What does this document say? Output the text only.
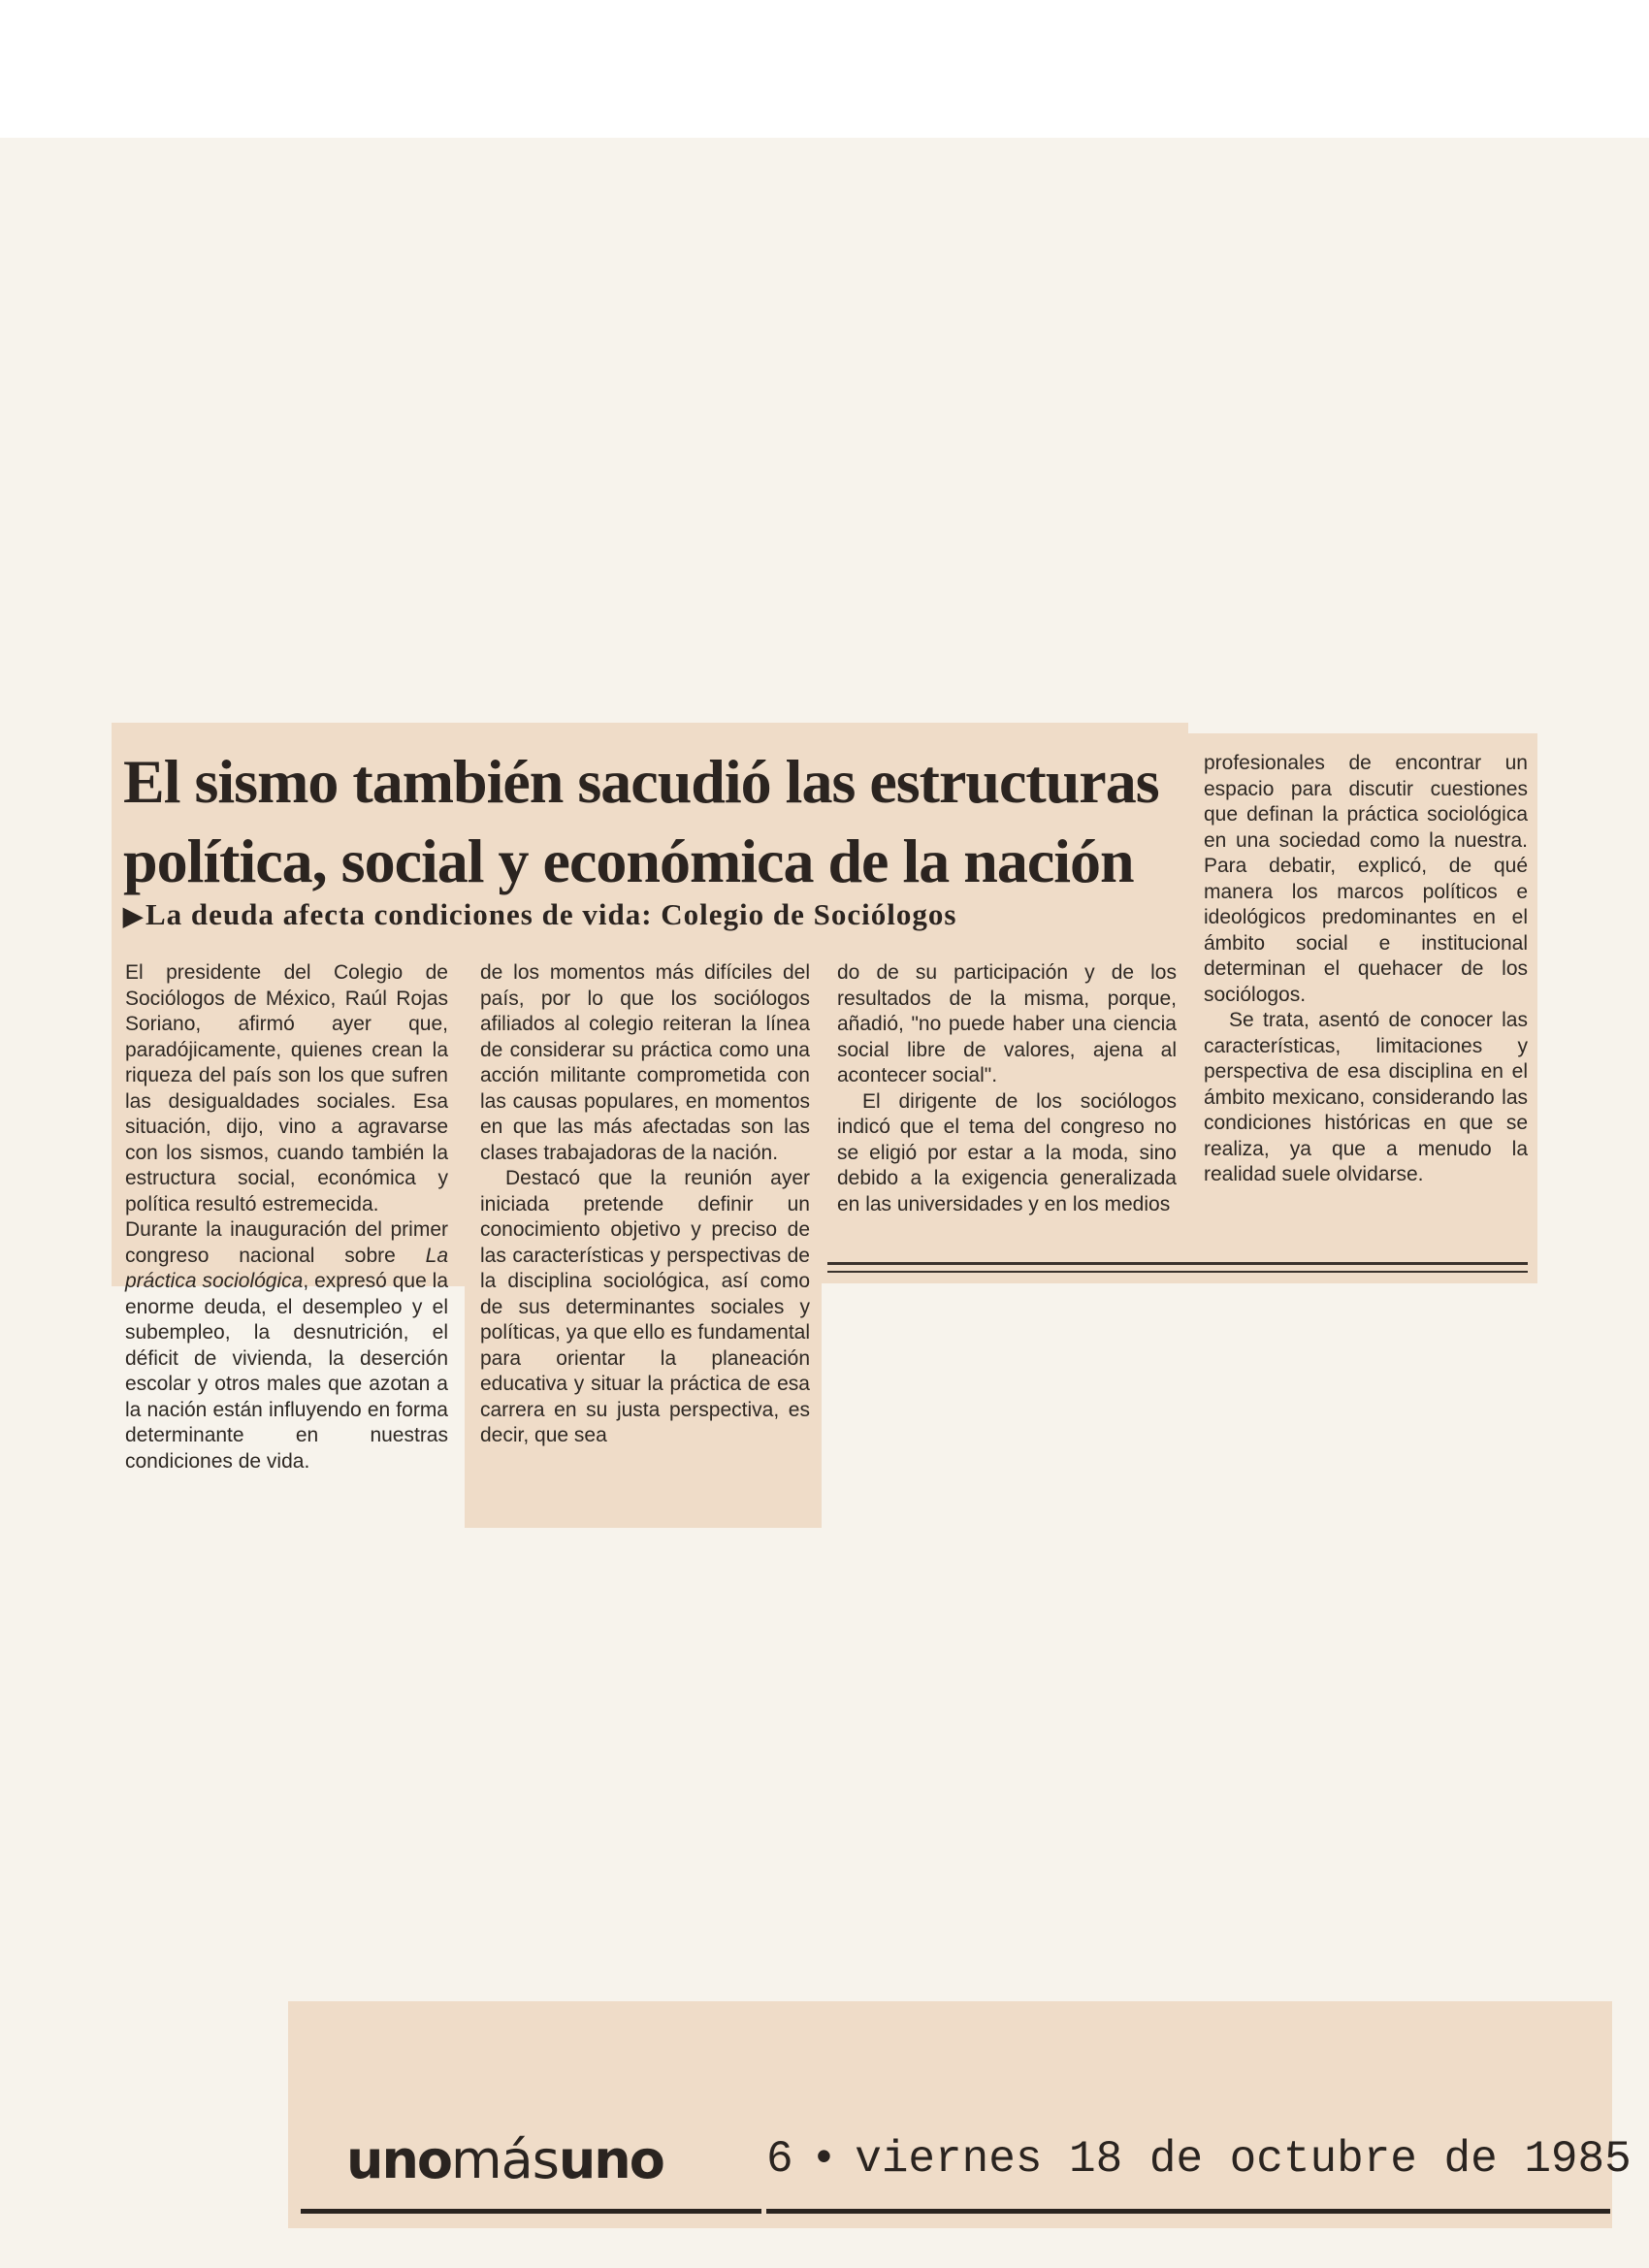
El sismo también sacudió las estructuras
política, social y económica de la nación
▶La deuda afecta condiciones de vida: Colegio de Sociólogos

El presidente del Colegio de Sociólogos de México, Raúl Rojas Soriano, afirmó ayer que, paradójicamente, quienes crean la riqueza del país son los que sufren las desigualdades sociales. Esa situación, dijo, vino a agravarse con los sismos, cuando también la estructura social, económica y política resultó estremecida.

Durante la inauguración del primer congreso nacional sobre La práctica sociológica, expresó que la enorme deuda, el desempleo y el subempleo, la desnutrición, el déficit de vivienda, la deserción escolar y otros males que azotan a la nación están influyendo en forma determinante en nuestras condiciones de vida.

de los momentos más difíciles del país, por lo que los sociólogos afiliados al colegio reiteran la línea de considerar su práctica como una acción militante comprometida con las causas populares, en momentos en que las más afectadas son las clases trabajadoras de la nación.

Destacó que la reunión ayer iniciada pretende definir un conocimiento objetivo y preciso de las características y perspectivas de la disciplina sociológica, así como de sus determinantes sociales y políticas, ya que ello es fundamental para orientar la planeación educativa y situar la práctica de esa carrera en su justa perspectiva, es decir, que sea

do de su participación y de los resultados de la misma, porque, añadió, "no puede haber una ciencia social libre de valores, ajena al acontecer social".

El dirigente de los sociólogos indicó que el tema del congreso no se eligió por estar a la moda, sino debido a la exigencia generalizada en las universidades y en los medios

profesionales de encontrar un espacio para discutir cuestiones que definan la práctica sociológica en una sociedad como la nuestra. Para debatir, explicó, de qué manera los marcos políticos e ideológicos predominantes en el ámbito social e institucional determinan el quehacer de los sociólogos.

Se trata, asentó de conocer las características, limitaciones y perspectiva de esa disciplina en el ámbito mexicano, considerando las condiciones históricas en que se realiza, ya que a menudo la realidad suele olvidarse.

unomásuno 6 • viernes 18 de octubre de 1985
